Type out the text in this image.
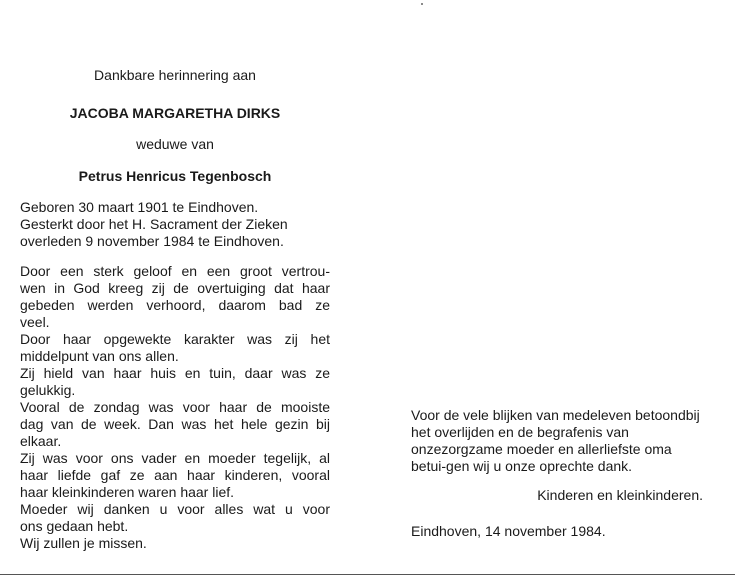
Dankbare herinnering aan
JACOBA MARGARETHA DIRKS
weduwe van
Petrus Henricus Tegenbosch
Geboren 30 maart 1901 te Eindhoven.
Gesterkt door het H. Sacrament der Zieken
overleden 9 november 1984 te Eindhoven.
Door een sterk geloof en een groot vertrou-
wen in God kreeg zij de overtuiging dat haar
gebeden werden verhoord, daarom bad ze
veel.
Door haar opgewekte karakter was zij het
middelpunt van ons allen.
Zij hield van haar huis en tuin, daar was ze
gelukkig.
Vooral de zondag was voor haar de mooiste
dag van de week. Dan was het hele gezin bij
elkaar.
Zij was voor ons vader en moeder tegelijk, al
haar liefde gaf ze aan haar kinderen, vooral
haar kleinkinderen waren haar lief.
Moeder wij danken u voor alles wat u voor
ons gedaan hebt.
Wij zullen je missen.
Voor de vele blijken van medeleven betoondbij het overlijden en de begrafenis van onzezorgzame moeder en allerliefste oma betui-gen wij u onze oprechte dank.
Kinderen en kleinkinderen.
Eindhoven, 14 november 1984.
